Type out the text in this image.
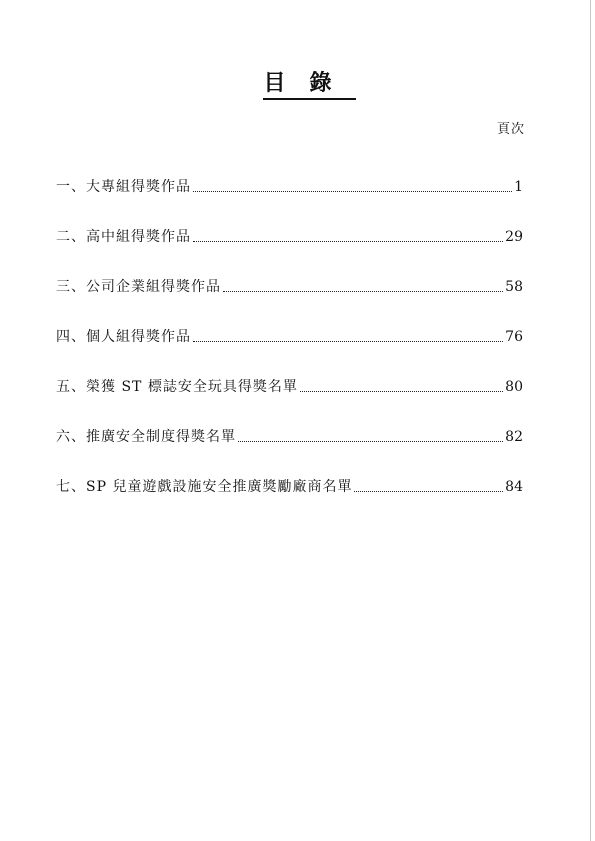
目錄
頁次
一、大專組得獎作品	1
二、高中組得獎作品	29
三、公司企業組得獎作品	58
四、個人組得獎作品	76
五、榮獲 ST 標誌安全玩具得獎名單	80
六、推廣安全制度得獎名單	82
七、SP 兒童遊戲設施安全推廣獎勵廠商名單	84
